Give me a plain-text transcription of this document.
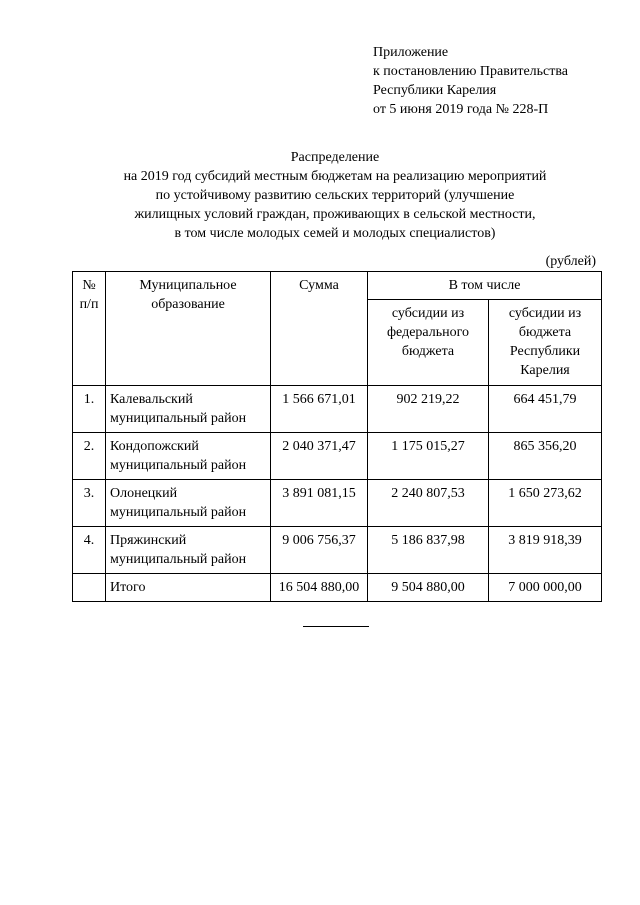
Приложение
к постановлению Правительства
Республики Карелия
от 5 июня 2019 года № 228-П
Распределение
на 2019 год субсидий местным бюджетам на реализацию мероприятий
по устойчивому развитию сельских территорий (улучшение
жилищных условий граждан, проживающих в сельской местности,
в том числе молодых семей и молодых специалистов)
(рублей)
№ п/п	Муниципальное образование	Сумма	В том числе	
			субсидии из федерального бюджета	субсидии из бюджета Республики Карелия
1.	Калевальский муниципальный район	1 566 671,01	902 219,22	664 451,79
2.	Кондопожский муниципальный район	2 040 371,47	1 175 015,27	865 356,20
3.	Олонецкий муниципальный район	3 891 081,15	2 240 807,53	1 650 273,62
4.	Пряжинский муниципальный район	9 006 756,37	5 186 837,98	3 819 918,39
	Итого	16 504 880,00	9 504 880,00	7 000 000,00
